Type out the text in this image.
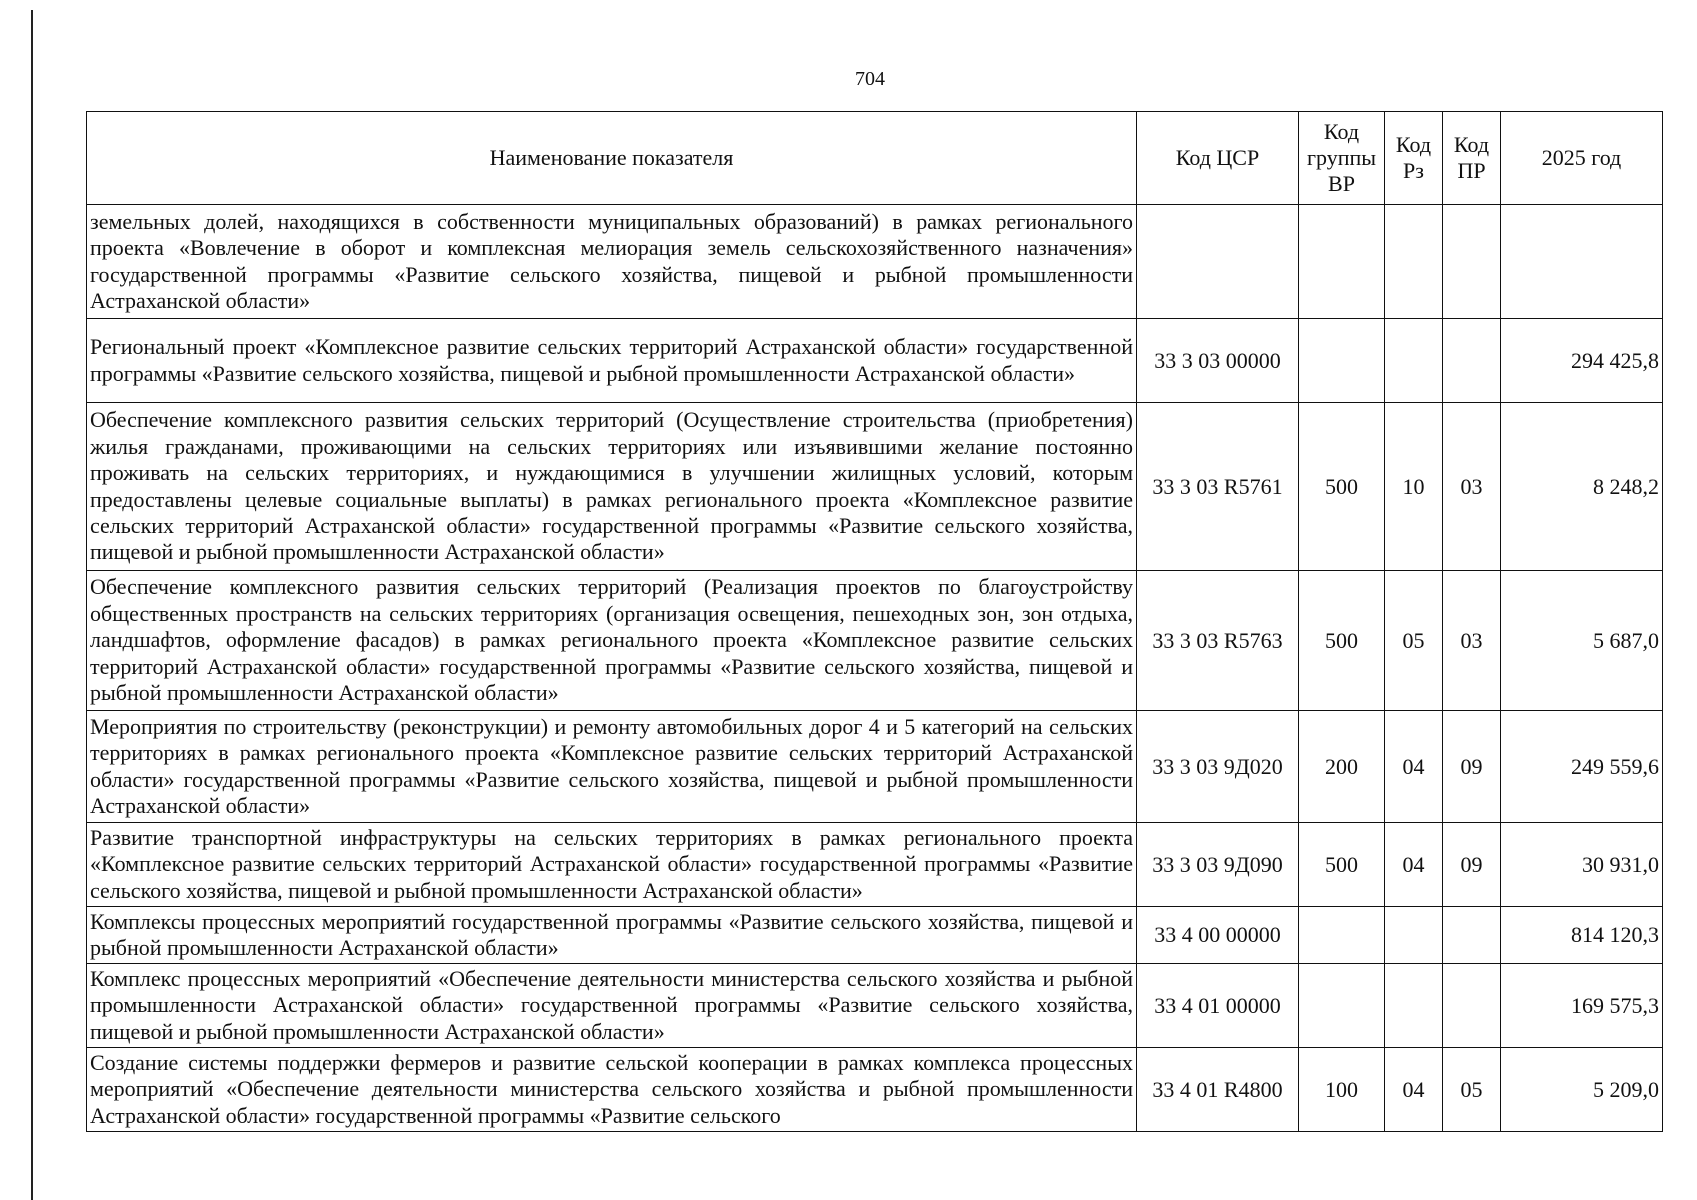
704
Наименование показателя	Код ЦСР	Код группы ВР	Код Рз	Код ПР	2025 год
земельных долей, находящихся в собственности муниципальных образований) в рамках регионального проекта «Вовлечение в оборот и комплексная мелиорация земель сельскохозяйственного назначения» государственной программы «Развитие сельского хозяйства, пищевой и рыбной промышленности Астраханской области»					
Региональный проект «Комплексное развитие сельских территорий Астраханской области» государственной программы «Развитие сельского хозяйства, пищевой и рыбной промышленности Астраханской области»	33 3 03 00000				294 425,8
Обеспечение комплексного развития сельских территорий (Осуществление строительства (приобретения) жилья гражданами, проживающими на сельских территориях или изъявившими желание постоянно проживать на сельских территориях, и нуждающимися в улучшении жилищных условий, которым предоставлены целевые социальные выплаты) в рамках регионального проекта «Комплексное развитие сельских территорий Астраханской области» государственной программы «Развитие сельского хозяйства, пищевой и рыбной промышленности Астраханской области»	33 3 03 R5761	500	10	03	8 248,2
Обеспечение комплексного развития сельских территорий (Реализация проектов по благоустройству общественных пространств на сельских территориях (организация освещения, пешеходных зон, зон отдыха, ландшафтов, оформление фасадов) в рамках регионального проекта «Комплексное развитие сельских территорий Астраханской области» государственной программы «Развитие сельского хозяйства, пищевой и рыбной промышленности Астраханской области»	33 3 03 R5763	500	05	03	5 687,0
Мероприятия по строительству (реконструкции) и ремонту автомобильных дорог 4 и 5 категорий на сельских территориях в рамках регионального проекта «Комплексное развитие сельских территорий Астраханской области» государственной программы «Развитие сельского хозяйства, пищевой и рыбной промышленности Астраханской области»	33 3 03 9Д020	200	04	09	249 559,6
Развитие транспортной инфраструктуры на сельских территориях в рамках регионального проекта «Комплексное развитие сельских территорий Астраханской области» государственной программы «Развитие сельского хозяйства, пищевой и рыбной промышленности Астраханской области»	33 3 03 9Д090	500	04	09	30 931,0
Комплексы процессных мероприятий государственной программы «Развитие сельского хозяйства, пищевой и рыбной промышленности Астраханской области»	33 4 00 00000				814 120,3
Комплекс процессных мероприятий «Обеспечение деятельности министерства сельского хозяйства и рыбной промышленности Астраханской области» государственной программы «Развитие сельского хозяйства, пищевой и рыбной промышленности Астраханской области»	33 4 01 00000				169 575,3
Создание системы поддержки фермеров и развитие сельской кооперации в рамках комплекса процессных мероприятий «Обеспечение деятельности министерства сельского хозяйства и рыбной промышленности Астраханской области» государственной программы «Развитие сельского	33 4 01 R4800	100	04	05	5 209,0
